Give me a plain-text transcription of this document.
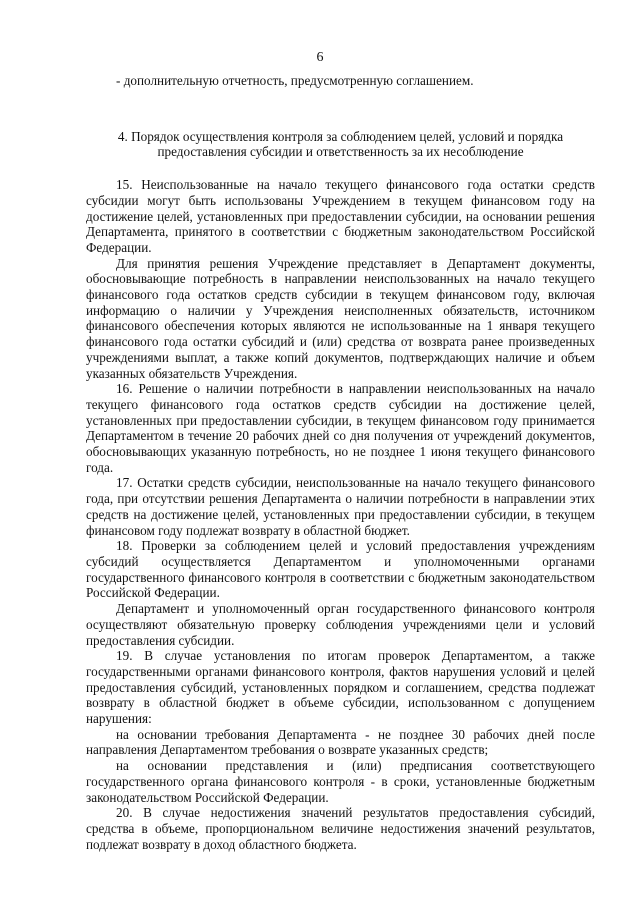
6

- дополнительную отчетность, предусмотренную соглашением.

4. Порядок осуществления контроля за соблюдением целей, условий и порядка предоставления субсидии и ответственность за их несоблюдение

15. Неиспользованные на начало текущего финансового года остатки средств субсидии могут быть использованы Учреждением в текущем финансовом году на достижение целей, установленных при предоставлении субсидии, на основании решения Департамента, принятого в соответствии с бюджетным законодательством Российской Федерации.

Для принятия решения Учреждение представляет в Департамент документы, обосновывающие потребность в направлении неиспользованных на начало текущего финансового года остатков средств субсидии в текущем финансовом году, включая информацию о наличии у Учреждения неисполненных обязательств, источником финансового обеспечения которых являются не использованные на 1 января текущего финансового года остатки субсидий и (или) средства от возврата ранее произведенных учреждениями выплат, а также копий документов, подтверждающих наличие и объем указанных обязательств Учреждения.

16. Решение о наличии потребности в направлении неиспользованных на начало текущего финансового года остатков средств субсидии на достижение целей, установленных при предоставлении субсидии, в текущем финансовом году принимается Департаментом в течение 20 рабочих дней со дня получения от учреждений документов, обосновывающих указанную потребность, но не позднее 1 июня текущего финансового года.

17. Остатки средств субсидии, неиспользованные на начало текущего финансового года, при отсутствии решения Департамента о наличии потребности в направлении этих средств на достижение целей, установленных при предоставлении субсидии, в текущем финансовом году подлежат возврату в областной бюджет.

18. Проверки за соблюдением целей и условий предоставления учреждениям субсидий осуществляется Департаментом и уполномоченными органами государственного финансового контроля в соответствии с бюджетным законодательством Российской Федерации.

Департамент и уполномоченный орган государственного финансового контроля осуществляют обязательную проверку соблюдения учреждениями цели и условий предоставления субсидии.

19. В случае установления по итогам проверок Департаментом, а также государственными органами финансового контроля, фактов нарушения условий и целей предоставления субсидий, установленных порядком и соглашением, средства подлежат возврату в областной бюджет в объеме субсидии, использованном с допущением нарушения:

на основании требования Департамента - не позднее 30 рабочих дней после направления Департаментом требования о возврате указанных средств;

на основании представления и (или) предписания соответствующего государственного органа финансового контроля - в сроки, установленные бюджетным законодательством Российской Федерации.

20. В случае недостижения значений результатов предоставления субсидий, средства в объеме, пропорциональном величине недостижения значений результатов, подлежат возврату в доход областного бюджета.
